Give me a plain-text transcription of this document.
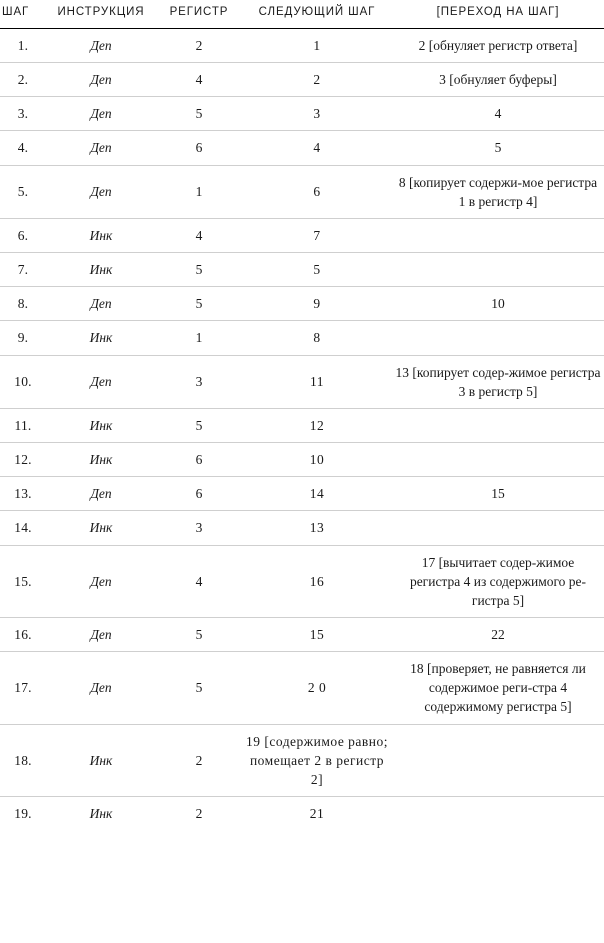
ШАГ	ИНСТРУКЦИЯ	РЕГИСТР	СЛЕДУЮЩИЙ ШАГ	[ПЕРЕХОД НА ШАГ]
1.	Деп	2	1	2 [обнуляет регистр ответа]
2.	Деп	4	2	3 [обнуляет буферы]
3.	Деп	5	3	4
4.	Деп	6	4	5
5.	Деп	1	6	8 [копирует содержи-мое регистра 1 в регистр 4]
6.	Инк	4	7	
7.	Инк	5	5	
8.	Деп	5	9	10
9.	Инк	1	8	
10.	Деп	3	11	13 [копирует содер-жимое регистра 3 в регистр 5]
11.	Инк	5	12	
12.	Инк	6	10	
13.	Деп	6	14	15
14.	Инк	3	13	
15.	Деп	4	16	17 [вычитает содер-жимое регистра 4 из содержимого ре-гистра 5]
16.	Деп	5	15	22
17.	Деп	5	2 0	18 [проверяет, не равняется ли содержимое реги-стра 4 содержимому регистра 5]
18.	Инк	2	19 [содержимое равно; помещает 2 в регистр 2]	
19.	Инк	2	21	
